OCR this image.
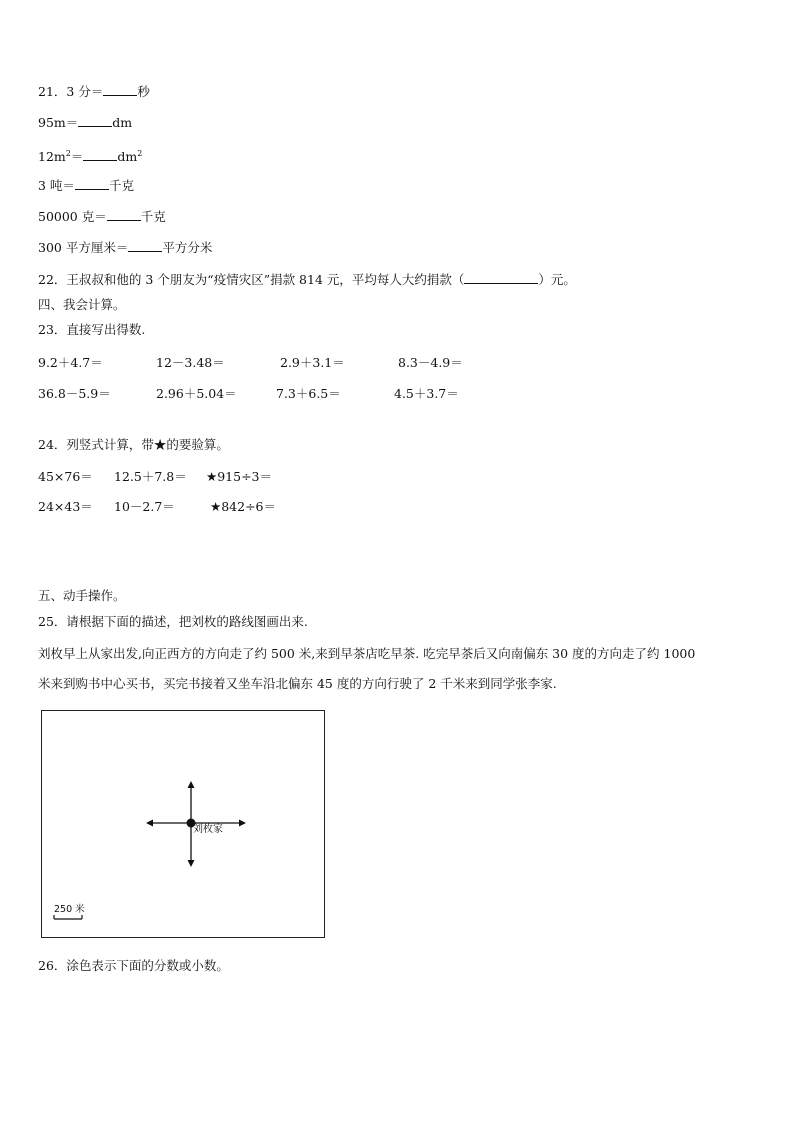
21．3 分＝	秒
95m＝	dm
$12m^2=$	$dm^2$
3 吨＝	千克
50000 克＝	千克
300 平方厘米＝	平方分米
22．王叔叔和他的 3 个朋友为“疫情灾区”捐款 814 元，平均每人大约捐款（	）元。
四、我会计算。
23．直接写出得数.
9.2＋4.7＝	12－3.48＝	2.9＋3.1＝	8.3－4.9＝
36.8－5.9＝	2.96＋5.04＝	7.3＋6.5＝	4.5＋3.7＝
24．列竖式计算，带★的要验算。
45×76＝ 12.5＋7.8＝ ★915÷3＝
24×43＝ 10－2.7＝	★842÷6＝
五、动手操作。
25．请根据下面的描述，把刘枚的路线图画出来.
刘枚早上从家出发,向正西方的方向走了约 500 米,来到早茶店吃早茶. 吃完早茶后又向南偏东 30 度的方向走了约 1000
米来到购书中心买书，买完书接着又坐车沿北偏东 45 度的方向行驶了 2 千米来到同学张李家.
刘枚家
250 米
26．涂色表示下面的分数或小数。
